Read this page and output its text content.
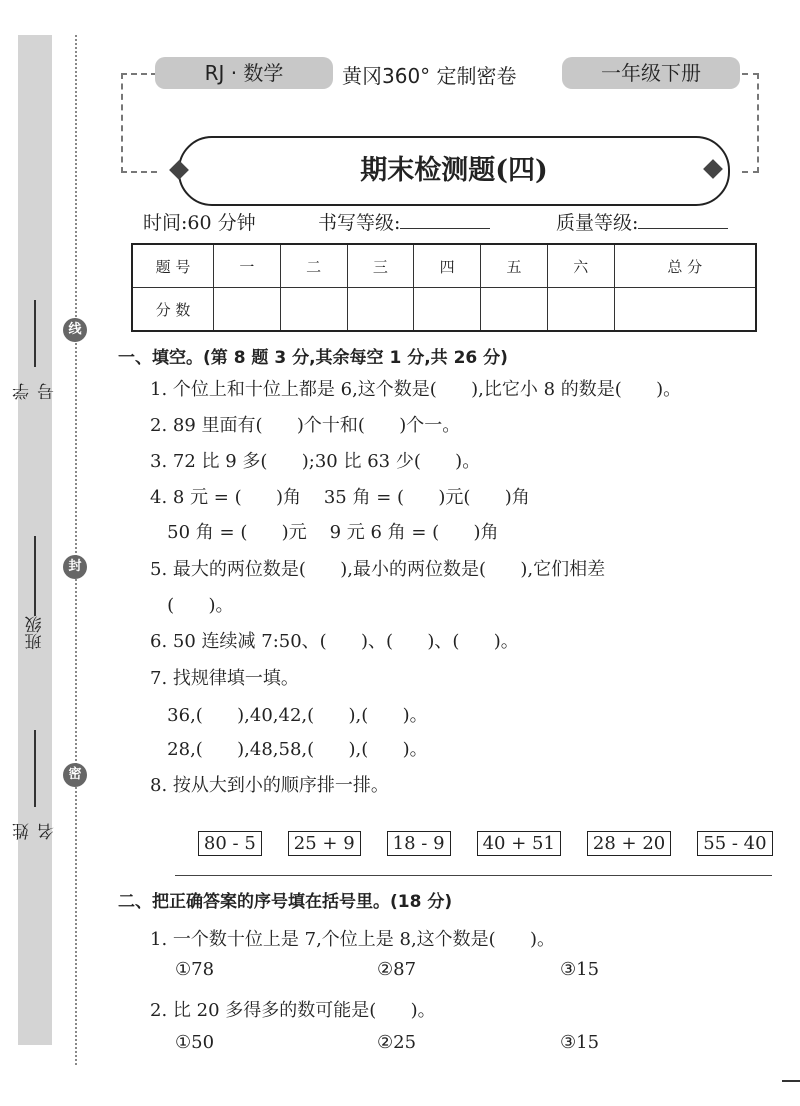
学号
班级
姓名
线
封
密
RJ · 数学	黄冈360° 定制密卷	一年级下册
期末检测题(四)
时间:60 分钟	书写等级:	质量等级:
题 号	一	二	三	四	五	六	总 分
分 数							
一、填空。(第 8 题 3 分,其余每空 1 分,共 26 分)
1. 个位上和十位上都是 6,这个数是(      ),比它小 8 的数是(      )。
2. 89 里面有(      )个十和(      )个一。
3. 72 比 9 多(      );30 比 63 少(      )。
4. 8 元 = (      )角    35 角 = (      )元(      )角
50 角 = (      )元    9 元 6 角 = (      )角
5. 最大的两位数是(      ),最小的两位数是(      ),它们相差
(      )。
6. 50 连续减 7:50、(      )、(      )、(      )。
7. 找规律填一填。
36,(      ),40,42,(      ),(      )。
28,(      ),48,58,(      ),(      )。
8. 按从大到小的顺序排一排。

80 - 5 25 + 9 18 - 9 40 + 51 28 + 20 55 - 40

二、把正确答案的序号填在括号里。(18 分)
1. 一个数十位上是 7,个位上是 8,这个数是(      )。
①78	②87	③15
2. 比 20 多得多的数可能是(      )。
①50	②25	③15
